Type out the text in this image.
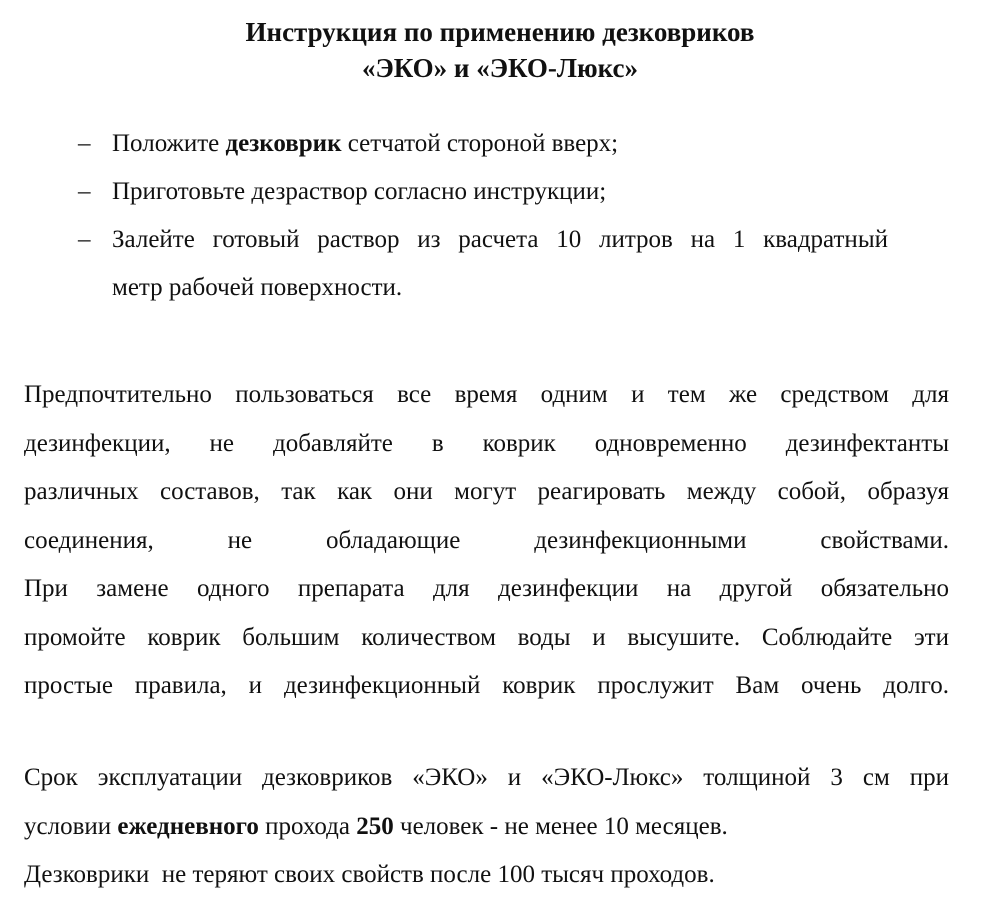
Инструкция по применению дезковриков
«ЭКО» и «ЭКО-Люкс»
– Положите дезковрик сетчатой стороной вверх;
– Приготовьте дезраствор согласно инструкции;
– Залейте готовый раствор из расчета 10 литров на 1 квадратный
метр рабочей поверхности.

Предпочтительно пользоваться все время одним и тем же средством для
дезинфекции, не добавляйте в коврик одновременно дезинфектанты
различных составов, так как они могут реагировать между собой, образуя
соединения, не обладающие дезинфекционными свойствами.
При замене одного препарата для дезинфекции на другой обязательно
промойте коврик большим количеством воды и высушите. Соблюдайте эти
простые правила, и дезинфекционный коврик прослужит Вам очень долго.

Срок эксплуатации дезковриков «ЭКО» и «ЭКО-Люкс» толщиной 3 см при
условии ежедневного прохода 250 человек - не менее 10 месяцев.
Дезковрики  не теряют своих свойств после 100 тысяч проходов.
